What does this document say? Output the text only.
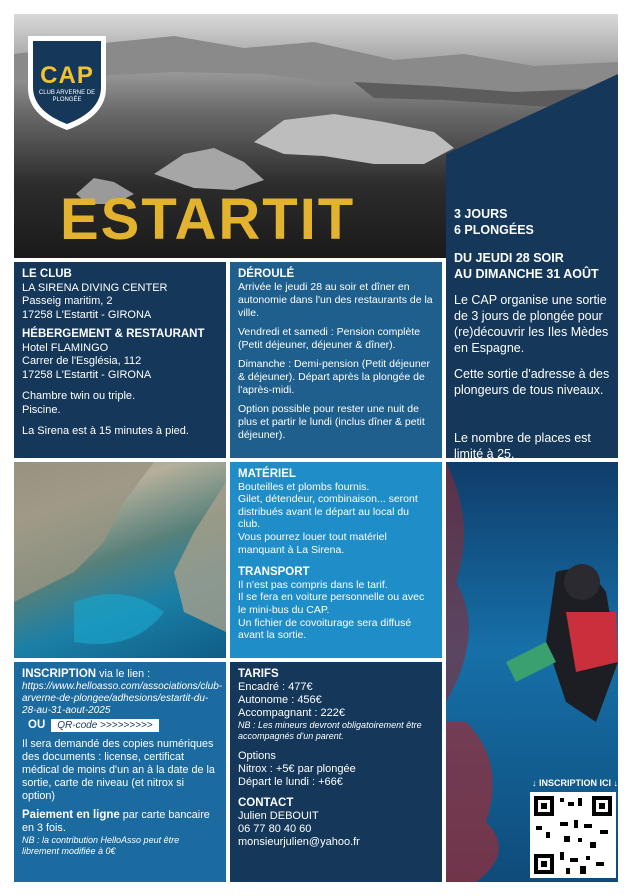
CAP
CLUB ARVERNE DE PLONGÉE
ESTARTIT	3 JOURS
6 PLONGÉES
DU JEUDI 28 SOIR
AU DIMANCHE 31 AOÛT
Le CAP organise une sortie de 3 jours de plongée pour (re)découvrir les Iles Mèdes en Espagne.
Cette sortie d'adresse à des plongeurs de tous niveaux.
Le nombre de places est limité à 25.
LE CLUB
LA SIRENA DIVING CENTER
Passeig maritim, 2
17258 L'Estartit - GIRONA
HÉBERGEMENT & RESTAURANT
Hotel FLAMINGO
Carrer de l'Església, 112
17258 L'Estartit - GIRONA
Chambre twin ou triple.
Piscine.
La Sirena est à 15 minutes à pied.
DÉROULÉ

Arrivée le jeudi 28 au soir et dîner en autonomie dans l'un des restaurants de la ville.

Vendredi et samedi : Pension complète (Petit déjeuner, déjeuner & dîner).

Dimanche : Demi-pension (Petit déjeuner & déjeuner). Départ après la plongée de l'après-midi.

Option possible pour rester une nuit de plus et partir le lundi (inclus dîner & petit déjeuner).

MATÉRIEL
Bouteilles et plombs fournis.
Gilet, détendeur, combinaison... seront distribués avant le départ au local du club.
Vous pourrez louer tout matériel manquant à La Sirena.
TRANSPORT
Il n'est pas compris dans le tarif.
Il se fera en voiture personnelle ou avec le mini-bus du CAP.
Un fichier de covoiturage sera diffusé avant la sortie.
INSCRIPTION via le lien :
https://www.helloasso.com/associations/club-arverne-de-plongee/adhesions/estartit-du-28-au-31-aout-2025
OU QR-code >>>>>>>>>
Il sera demandé des copies numériques des documents : license, certificat médical de moins d'un an à la date de la sortie, carte de niveau (et nitrox si option)
Paiement en ligne par carte bancaire en 3 fois.
NB : la contribution HelloAsso peut être librement modifiée à 0€
TARIFS
Encadré : 477€
Autonome : 456€
Accompagnant : 222€
NB : Les mineurs devront obligatoirement être accompagnés d'un parent.
Options
Nitrox : +5€ par plongée
Départ le lundi : +66€
CONTACT
Julien DEBOUIT
06 77 80 40 60
monsieurjulien@yahoo.fr
↓ INSCRIPTION ICI ↓
